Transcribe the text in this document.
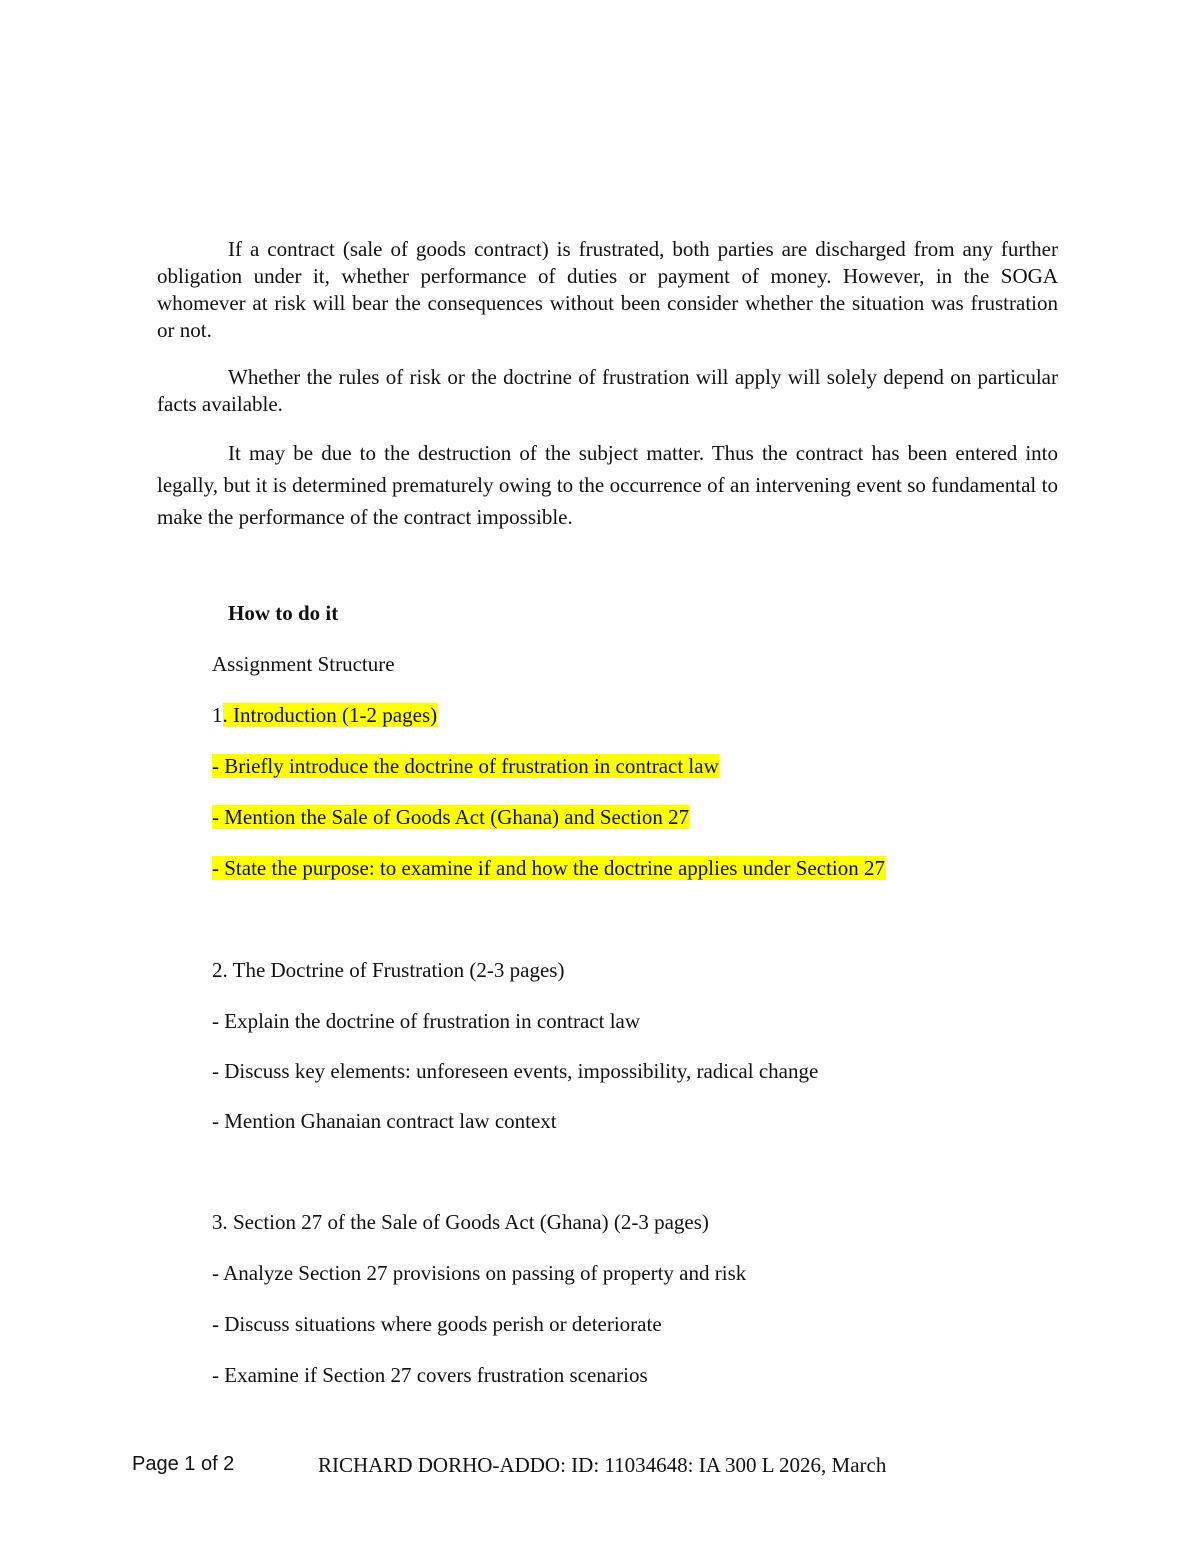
If a contract (sale of goods contract) is frustrated, both parties are discharged from any further obligation under it, whether performance of duties or payment of money. However, in the SOGA whomever at risk will bear the consequences without been consider whether the situation was frustration or not.

Whether the rules of risk or the doctrine of frustration will apply will solely depend on particular facts available.

It may be due to the destruction of the subject matter. Thus the contract has been entered into legally, but it is determined prematurely owing to the occurrence of an intervening event so fundamental to make the performance of the contract impossible.

How to do it

Assignment Structure

1. Introduction (1-2 pages)

- Briefly introduce the doctrine of frustration in contract law

- Mention the Sale of Goods Act (Ghana) and Section 27

- State the purpose: to examine if and how the doctrine applies under Section 27

2. The Doctrine of Frustration (2-3 pages)

- Explain the doctrine of frustration in contract law

- Discuss key elements: unforeseen events, impossibility, radical change

- Mention Ghanaian contract law context

3. Section 27 of the Sale of Goods Act (Ghana) (2-3 pages)

- Analyze Section 27 provisions on passing of property and risk

- Discuss situations where goods perish or deteriorate

- Examine if Section 27 covers frustration scenarios

Page 1 of 2	RICHARD DORHO-ADDO: ID: 11034648: IA 300 L 2026, March
